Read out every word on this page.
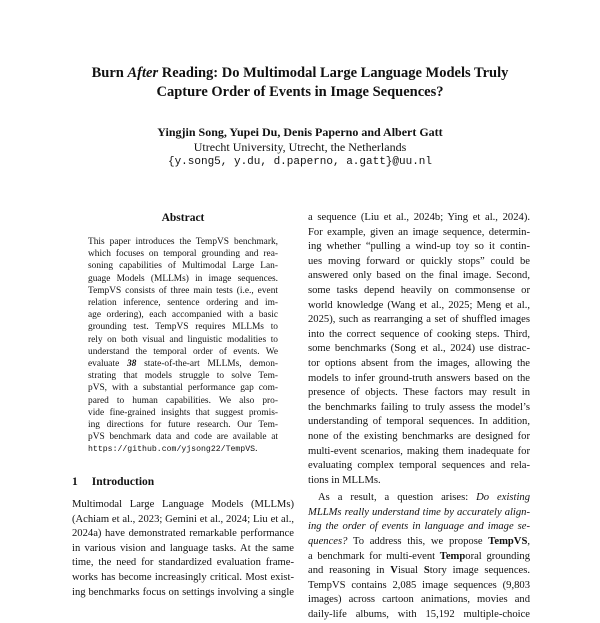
Burn After Reading: Do Multimodal Large Language Models Truly
Capture Order of Events in Image Sequences?
Yingjin Song, Yupei Du, Denis Paperno and Albert Gatt
Utrecht University, Utrecht, the Netherlands
{y.song5, y.du, d.paperno, a.gatt}@uu.nl
Abstract
This paper introduces the TempVS benchmark,
which focuses on temporal grounding and rea-
soning capabilities of Multimodal Large Lan-
guage Models (MLLMs) in image sequences.
TempVS consists of three main tests (i.e., event
relation inference, sentence ordering and im-
age ordering), each accompanied with a basic
grounding test. TempVS requires MLLMs to
rely on both visual and linguistic modalities to
understand the temporal order of events. We
evaluate 38 state-of-the-art MLLMs, demon-
strating that models struggle to solve Tem-
pVS, with a substantial performance gap com-
pared to human capabilities. We also pro-
vide fine-grained insights that suggest promis-
ing directions for future research. Our Tem-
pVS benchmark data and code are available at
https://github.com/yjsong22/TempVS.
1 Introduction
Multimodal Large Language Models (MLLMs)
(Achiam et al., 2023; Gemini et al., 2024; Liu et al.,
2024a) have demonstrated remarkable performance
in various vision and language tasks. At the same
time, the need for standardized evaluation frame-
works has become increasingly critical. Most exist-
ing benchmarks focus on settings involving a single

a sequence (Liu et al., 2024b; Ying et al., 2024).
For example, given an image sequence, determin-
ing whether “pulling a wind-up toy so it contin-
ues moving forward or quickly stops” could be
answered only based on the final image. Second,
some tasks depend heavily on commonsense or
world knowledge (Wang et al., 2025; Meng et al.,
2025), such as rearranging a set of shuffled images
into the correct sequence of cooking steps. Third,
some benchmarks (Song et al., 2024) use distrac-
tor options absent from the images, allowing the
models to infer ground-truth answers based on the
presence of objects. These factors may result in
the benchmarks failing to truly assess the model’s
understanding of temporal sequences. In addition,
none of the existing benchmarks are designed for
multi-event scenarios, making them inadequate for
evaluating complex temporal sequences and rela-
tions in MLLMs.

As a result, a question arises: Do existing
MLLMs really understand time by accurately align-
ing the order of events in language and image se-
quences? To address this, we propose TempVS,
a benchmark for multi-event Temporal grounding
and reasoning in Visual Story image sequences.
TempVS contains 2,085 image sequences (9,803
images) across cartoon animations, movies and
daily-life albums, with 15,192 multiple-choice
